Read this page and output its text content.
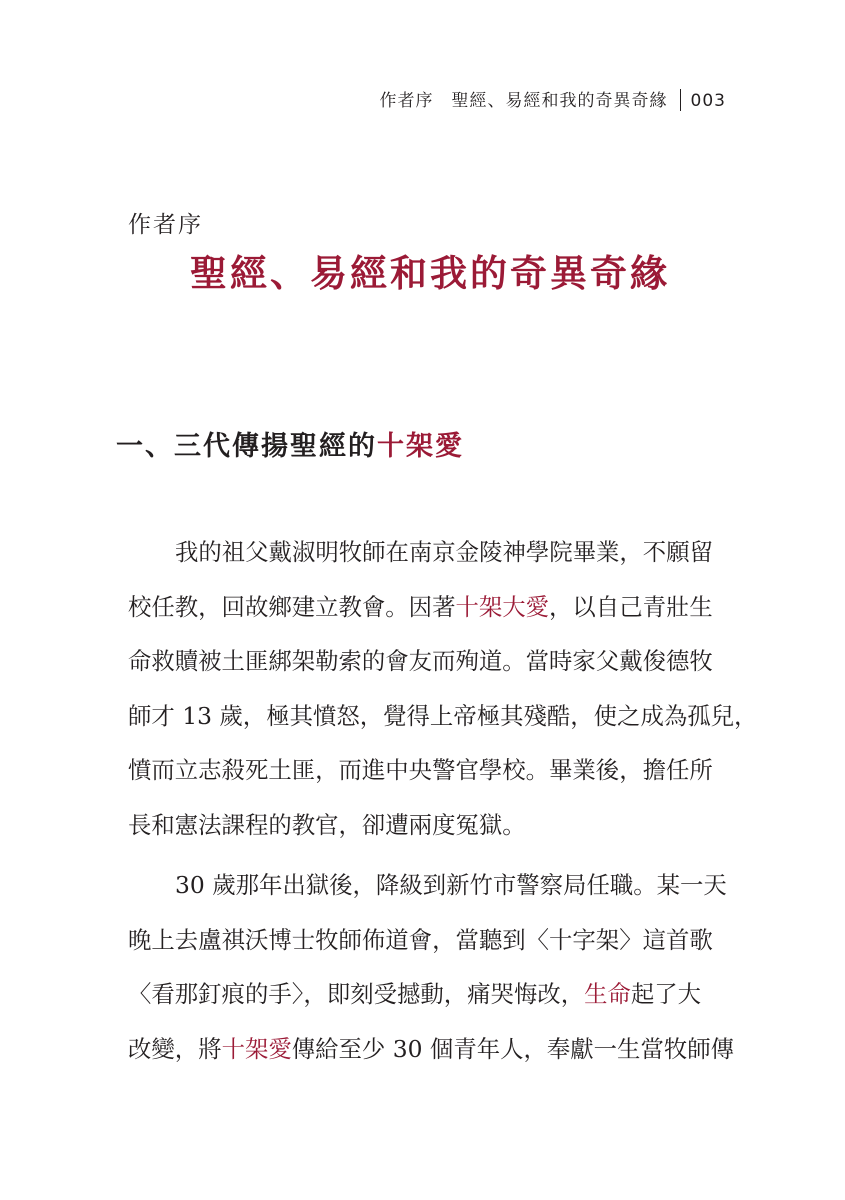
作者序　聖經、易經和我的奇異奇緣 003
作者序
聖經、易經和我的奇異奇緣
一、三代傳揚聖經的十架愛
我的祖父戴淑明牧師在南京金陵神學院畢業，不願留
校任教，回故鄉建立教會。因著十架大愛，以自己青壯生
命救贖被土匪綁架勒索的會友而殉道。當時家父戴俊德牧
師才 13 歲，極其憤怒，覺得上帝極其殘酷，使之成為孤兒，
憤而立志殺死土匪，而進中央警官學校。畢業後，擔任所
長和憲法課程的教官，卻遭兩度冤獄。
30 歲那年出獄後，降級到新竹市警察局任職。某一天
晚上去盧祺沃博士牧師佈道會，當聽到〈十字架〉這首歌
〈看那釘痕的手〉，即刻受撼動，痛哭悔改，生命起了大
改變，將十架愛傳給至少 30 個青年人，奉獻一生當牧師傳
